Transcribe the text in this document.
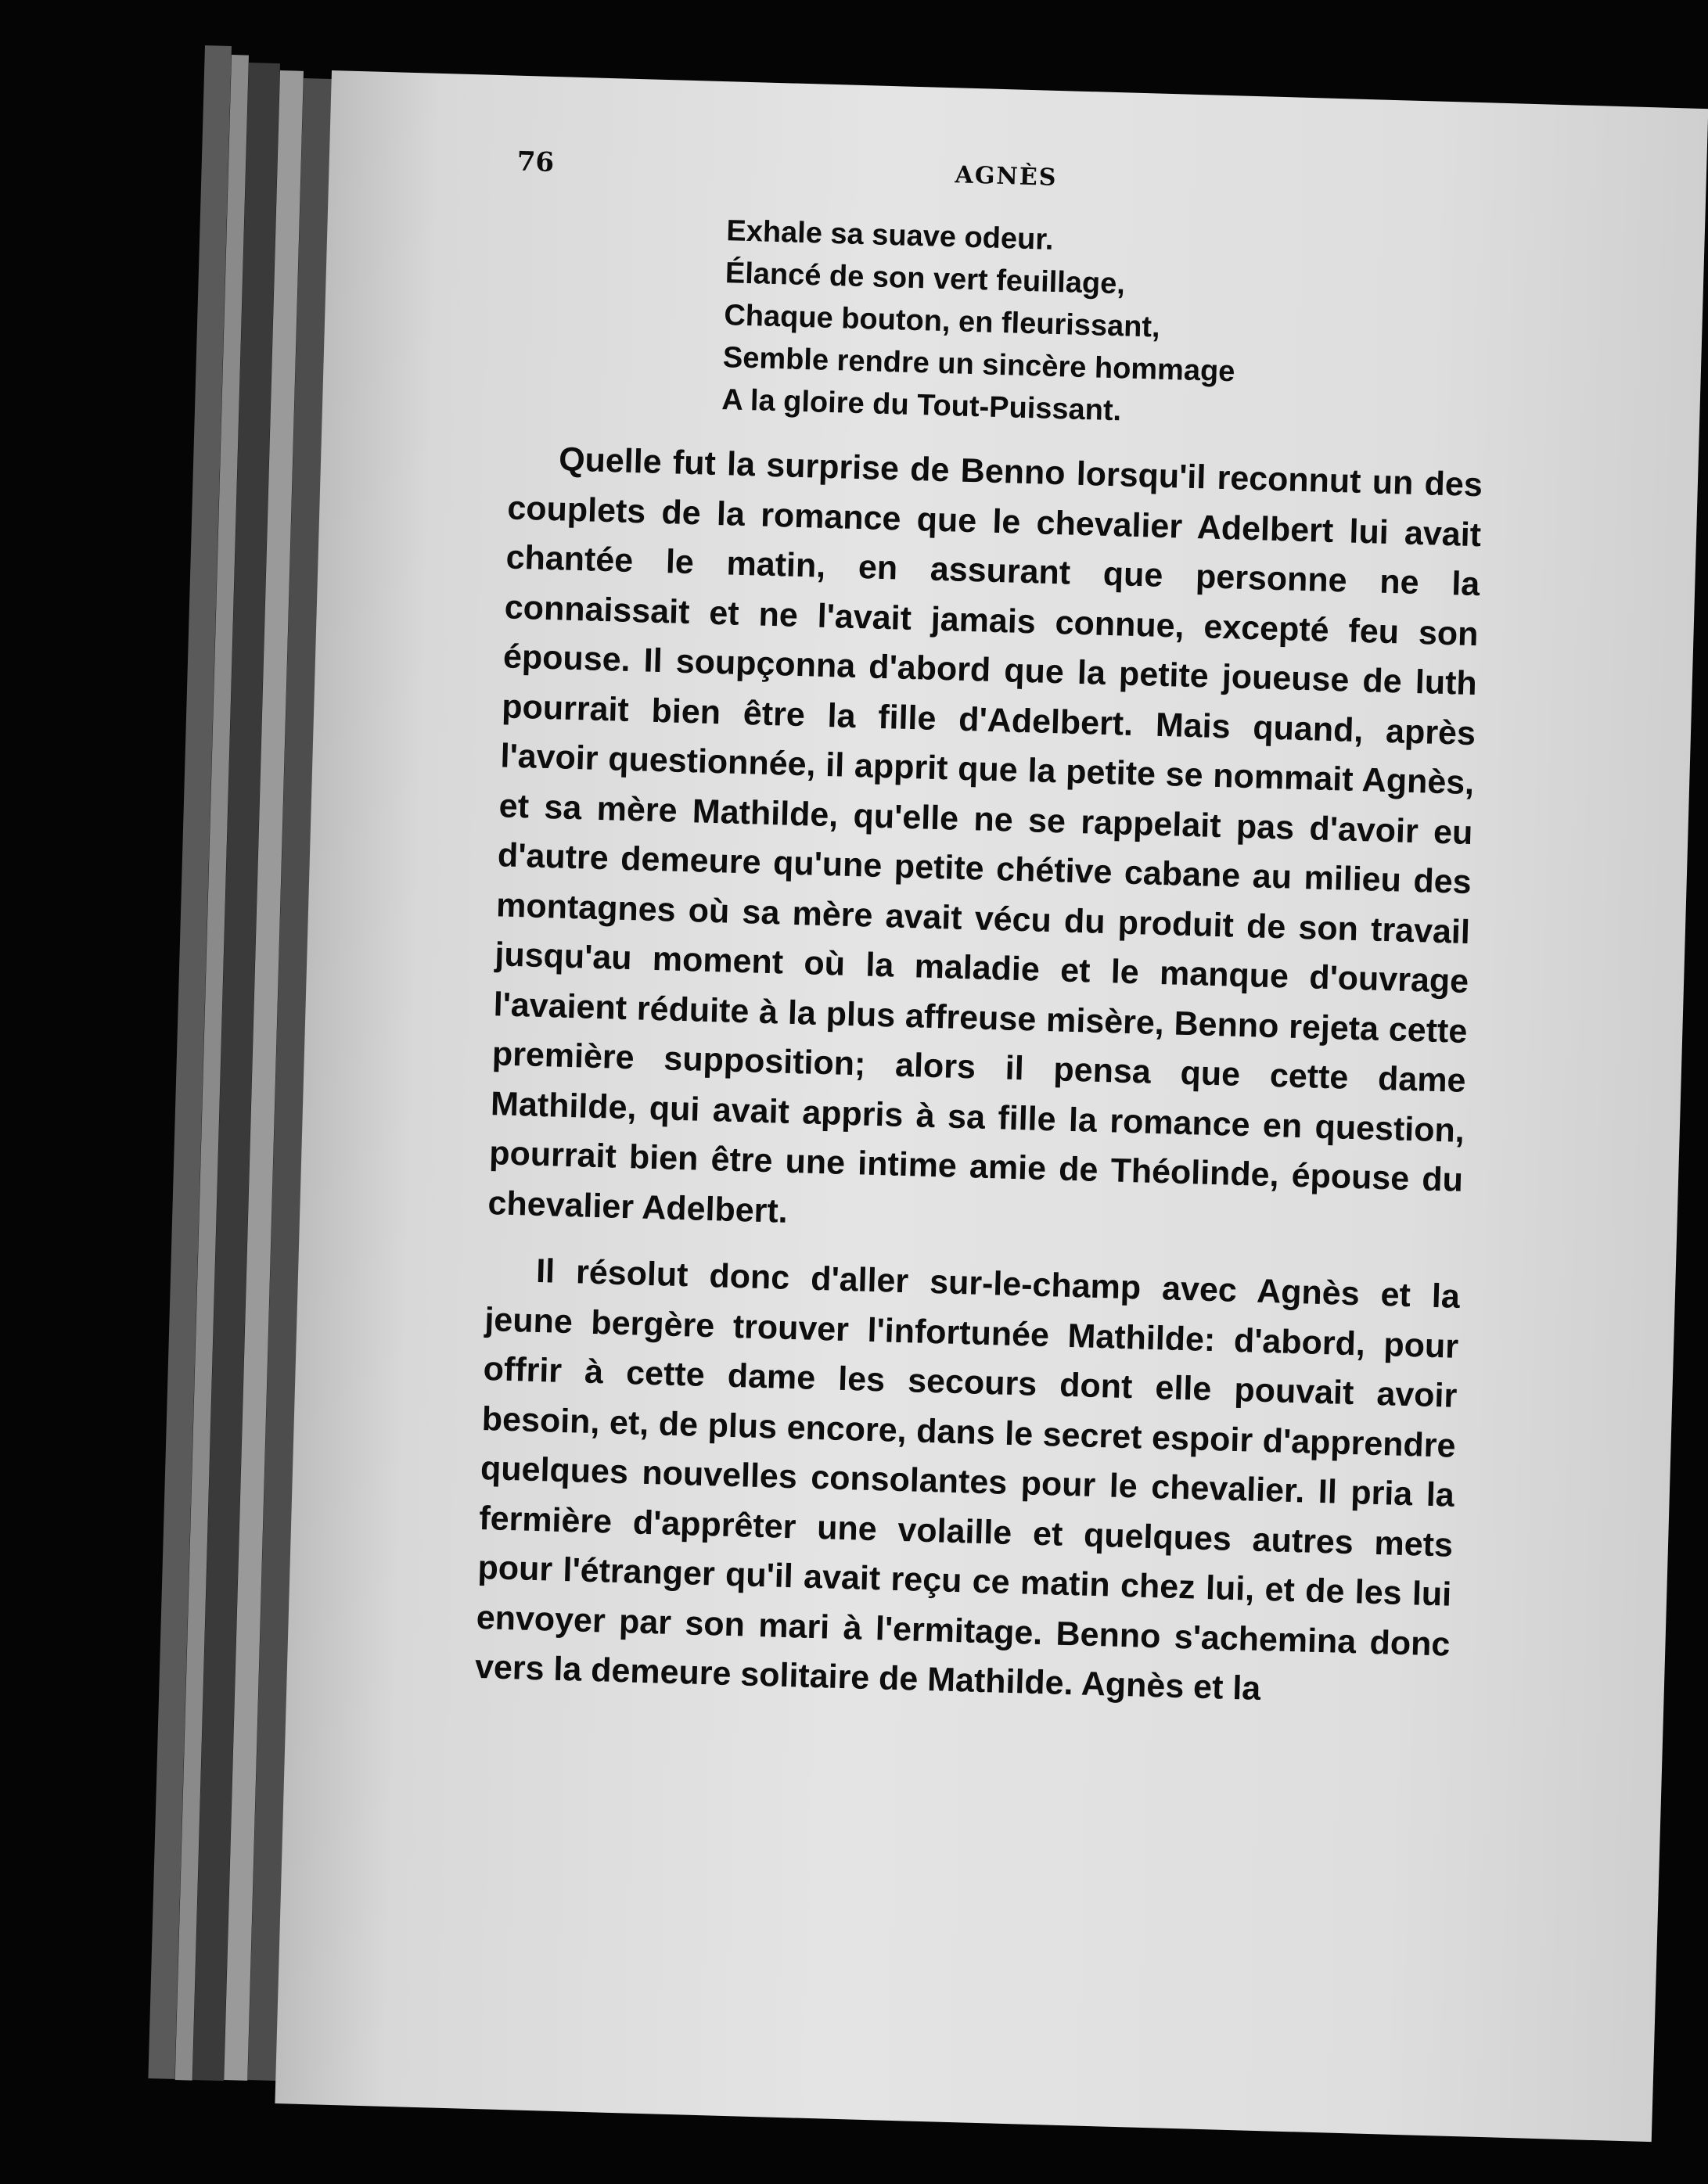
76	AGNÈS
Exhale sa suave odeur.
Élancé de son vert feuillage,
Chaque bouton, en fleurissant,
Semble rendre un sincère hommage
A la gloire du Tout-Puissant.

Quelle fut la surprise de Benno lorsqu'il reconnut un des couplets de la romance que le chevalier Adelbert lui avait chantée le matin, en assurant que personne ne la connaissait et ne l'avait jamais connue, excepté feu son épouse. Il soupçonna d'abord que la petite joueuse de luth pourrait bien être la fille d'Adelbert. Mais quand, après l'avoir questionnée, il apprit que la petite se nommait Agnès, et sa mère Mathilde, qu'elle ne se rappelait pas d'avoir eu d'autre demeure qu'une petite chétive cabane au milieu des montagnes où sa mère avait vécu du produit de son travail jusqu'au moment où la maladie et le manque d'ouvrage l'avaient réduite à la plus affreuse misère, Benno rejeta cette première supposition; alors il pensa que cette dame Mathilde, qui avait appris à sa fille la romance en question, pourrait bien être une intime amie de Théolinde, épouse du chevalier Adelbert.

Il résolut donc d'aller sur-le-champ avec Agnès et la jeune bergère trouver l'infortunée Mathilde: d'abord, pour offrir à cette dame les secours dont elle pouvait avoir besoin, et, de plus encore, dans le secret espoir d'apprendre quelques nouvelles consolantes pour le chevalier. Il pria la fermière d'apprêter une volaille et quelques autres mets pour l'étranger qu'il avait reçu ce matin chez lui, et de les lui envoyer par son mari à l'ermitage. Benno s'achemina donc vers la demeure solitaire de Mathilde. Agnès et la
